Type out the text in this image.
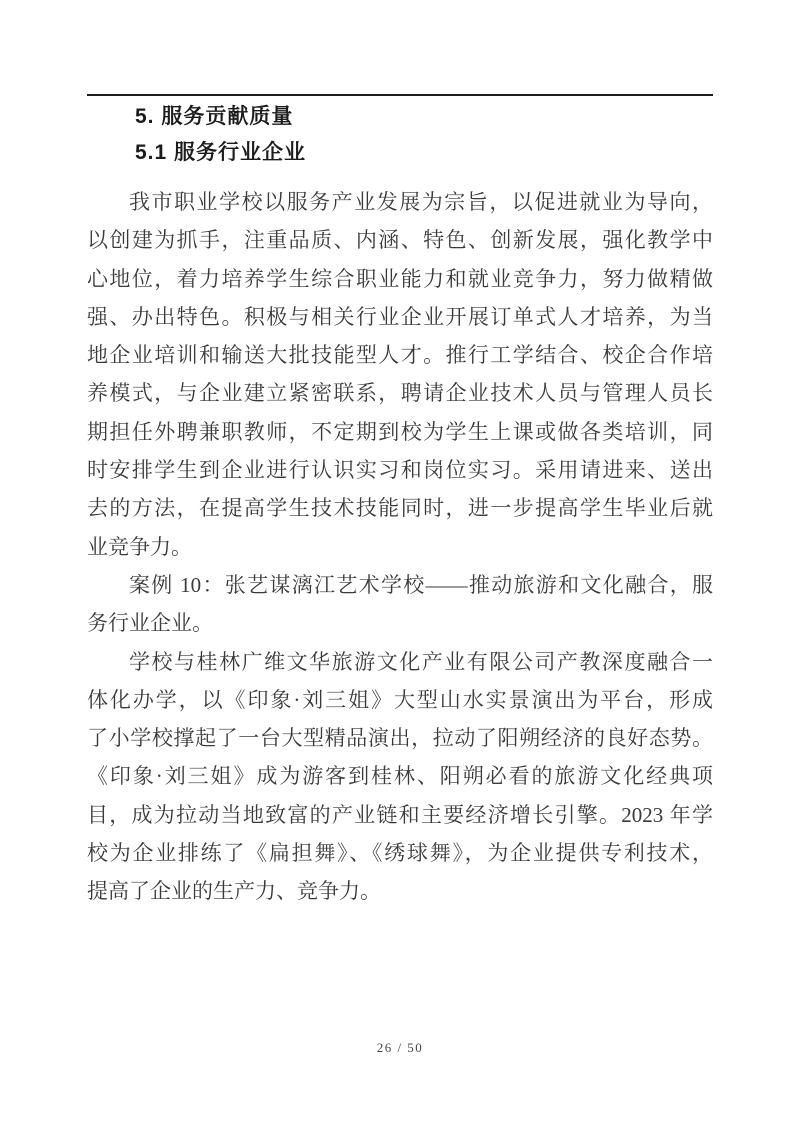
5. 服务贡献质量
5.1 服务行业企业

我市职业学校以服务产业发展为宗旨，以促进就业为导向，
以创建为抓手，注重品质、内涵、特色、创新发展，强化教学中
心地位，着力培养学生综合职业能力和就业竞争力，努力做精做
强、办出特色。积极与相关行业企业开展订单式人才培养，为当
地企业培训和输送大批技能型人才。推行工学结合、校企合作培
养模式，与企业建立紧密联系，聘请企业技术人员与管理人员长
期担任外聘兼职教师，不定期到校为学生上课或做各类培训，同
时安排学生到企业进行认识实习和岗位实习。采用请进来、送出
去的方法，在提高学生技术技能同时，进一步提高学生毕业后就
业竞争力。

案例 10：张艺谋漓江艺术学校——推动旅游和文化融合，服
务行业企业。

学校与桂林广维文华旅游文化产业有限公司产教深度融合一
体化办学，以《印象·刘三姐》大型山水实景演出为平台，形成
了小学校撑起了一台大型精品演出，拉动了阳朔经济的良好态势。
《印象·刘三姐》成为游客到桂林、阳朔必看的旅游文化经典项
目，成为拉动当地致富的产业链和主要经济增长引擎。2023 年学
校为企业排练了《扁担舞》、《绣球舞》，为企业提供专利技术，
提高了企业的生产力、竞争力。

26 / 50
